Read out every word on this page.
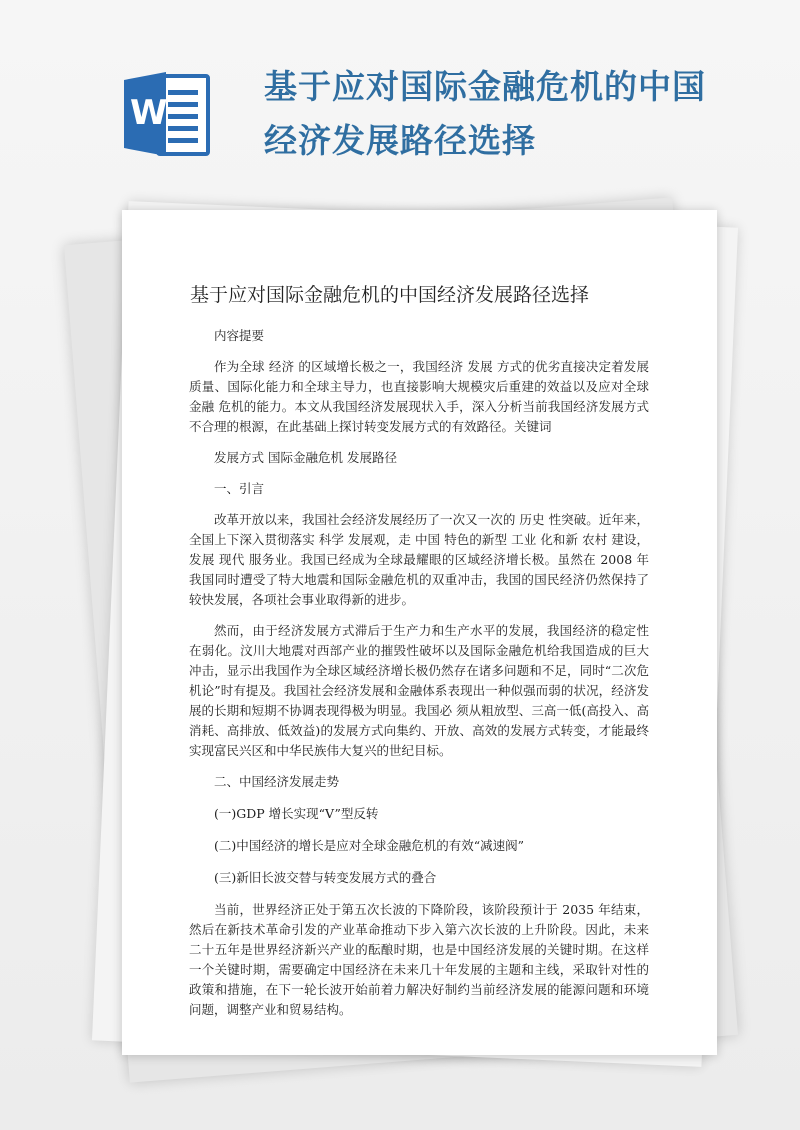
W
基于应对国际金融危机的中国
经济发展路径选择
基于应对国际金融危机的中国经济发展路径选择

内容提要

作为全球 经济 的区域增长极之一，我国经济 发展 方式的优劣直接决定着发展质量、国际化能力和全球主导力，也直接影响大规模灾后重建的效益以及应对全球 金融 危机的能力。本文从我国经济发展现状入手，深入分析当前我国经济发展方式不合理的根源，在此基础上探讨转变发展方式的有效路径。关键词

发展方式 国际金融危机 发展路径

一、引言

改革开放以来，我国社会经济发展经历了一次又一次的 历史 性突破。近年来，全国上下深入贯彻落实 科学 发展观，走 中国 特色的新型 工业 化和新 农村 建设，发展 现代 服务业。我国已经成为全球最耀眼的区域经济增长极。虽然在 2008 年我国同时遭受了特大地震和国际金融危机的双重冲击，我国的国民经济仍然保持了较快发展，各项社会事业取得新的进步。

然而，由于经济发展方式滞后于生产力和生产水平的发展，我国经济的稳定性在弱化。汶川大地震对西部产业的摧毁性破坏以及国际金融危机给我国造成的巨大冲击，显示出我国作为全球区域经济增长极仍然存在诸多问题和不足，同时“二次危机论”时有提及。我国社会经济发展和金融体系表现出一种似强而弱的状况，经济发展的长期和短期不协调表现得极为明显。我国必 须从粗放型、三高一低(高投入、高消耗、高排放、低效益)的发展方式向集约、开放、高效的发展方式转变，才能最终实现富民兴区和中华民族伟大复兴的世纪目标。

二、中国经济发展走势

(一)GDP 增长实现“V”型反转

(二)中国经济的增长是应对全球金融危机的有效“减速阀”

(三)新旧长波交替与转变发展方式的叠合

当前，世界经济正处于第五次长波的下降阶段，该阶段预计于 2035 年结束，然后在新技术革命引发的产业革命推动下步入第六次长波的上升阶段。因此，未来二十五年是世界经济新兴产业的酝酿时期，也是中国经济发展的关键时期。在这样一个关键时期，需要确定中国经济在未来几十年发展的主题和主线，采取针对性的政策和措施，在下一轮长波开始前着力解决好制约当前经济发展的能源问题和环境问题，调整产业和贸易结构。
